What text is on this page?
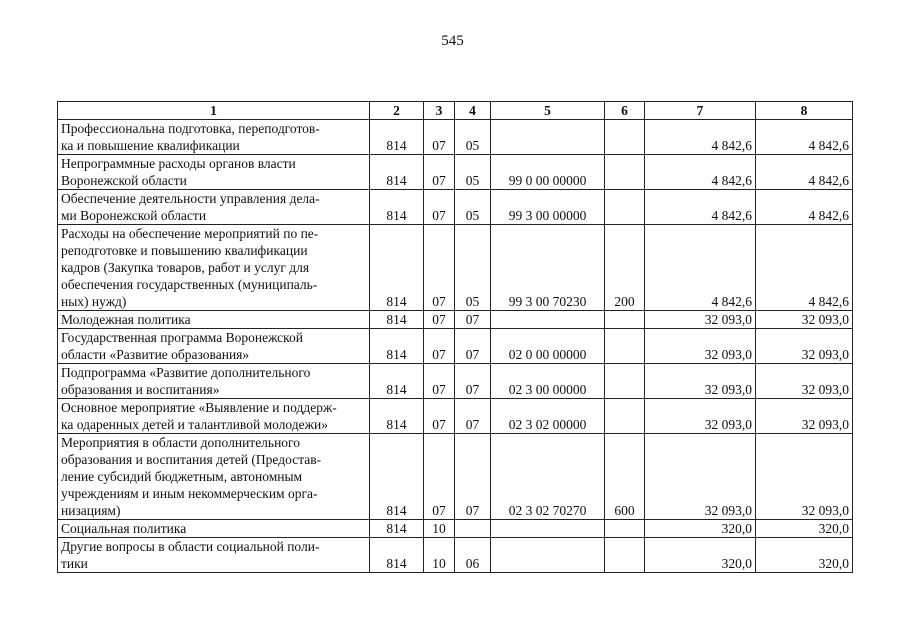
545
1	2	3	4	5	6	7	8

Профессиональна подготовка, переподготов-
ка и повышение квалификации	814	07	05			4 842,6	4 842,6

Непрограммные расходы органов власти
Воронежской области	814	07	05	99 0 00 00000		4 842,6	4 842,6

Обеспечение деятельности управления дела-
ми Воронежской области	814	07	05	99 3 00 00000		4 842,6	4 842,6

Расходы на обеспечение мероприятий по пе-
реподготовке и повышению квалификации
кадров (Закупка товаров, работ и услуг для
обеспечения государственных (муниципаль-
ных) нужд)	814	07	05	99 3 00 70230	200	4 842,6	4 842,6

Молодежная политика	814	07	07			32 093,0	32 093,0

Государственная программа Воронежской
области «Развитие образования»	814	07	07	02 0 00 00000		32 093,0	32 093,0

Подпрограмма «Развитие дополнительного
образования и воспитания»	814	07	07	02 3 00 00000		32 093,0	32 093,0

Основное мероприятие «Выявление и поддерж-
ка одаренных детей и талантливой молодежи»	814	07	07	02 3 02 00000		32 093,0	32 093,0

Мероприятия в области дополнительного
образования и воспитания детей (Предостав-
ление субсидий бюджетным, автономным
учреждениям и иным некоммерческим орга-
низациям)	814	07	07	02 3 02 70270	600	32 093,0	32 093,0

Социальная политика	814	10				320,0	320,0

Другие вопросы в области социальной поли-
тики	814	10	06			320,0	320,0
